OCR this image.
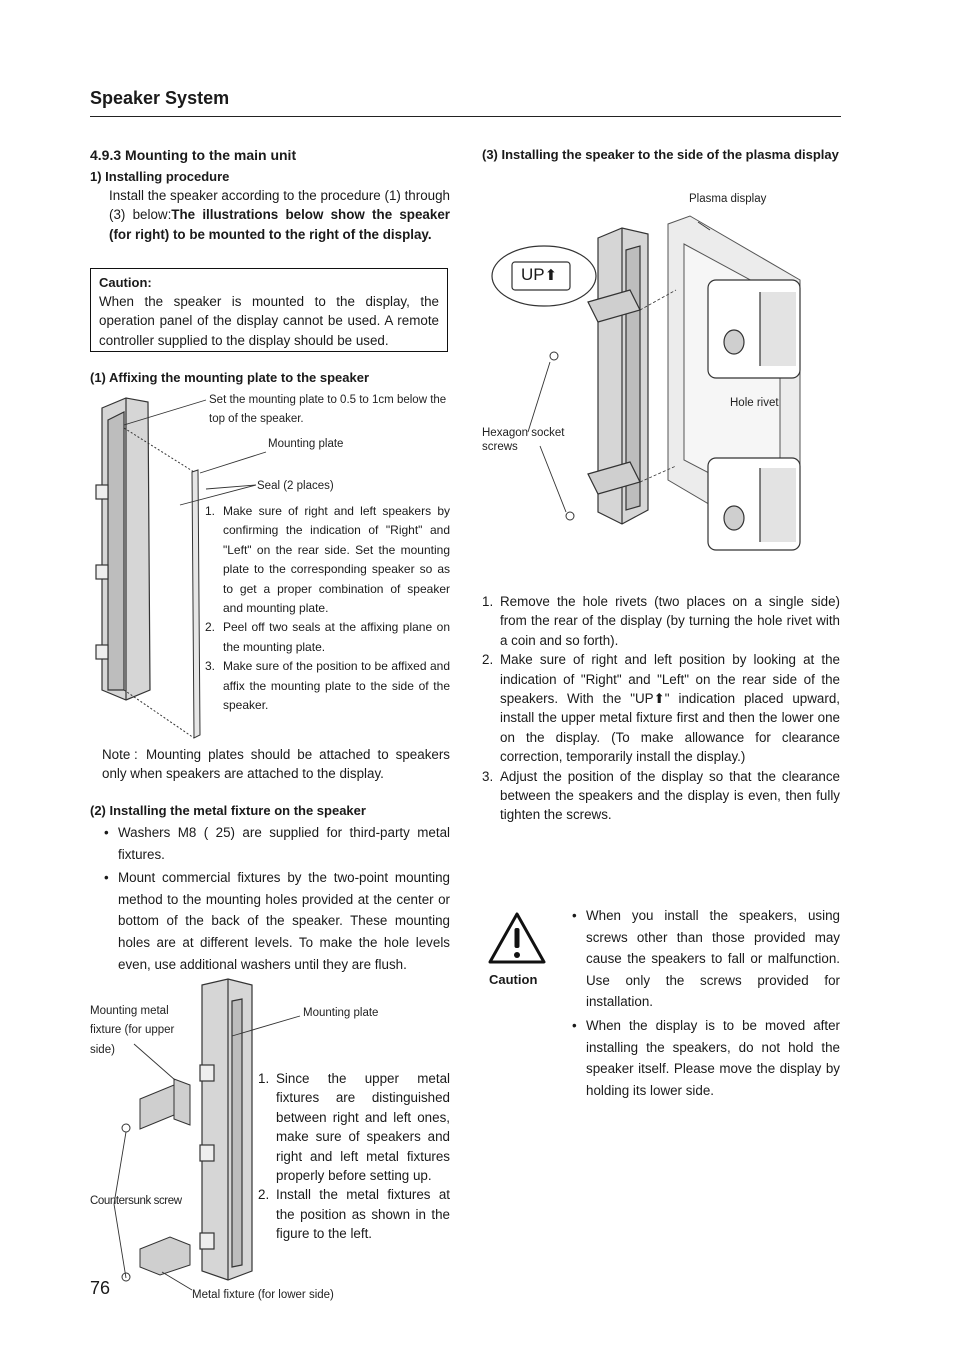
Speaker System
4.9.3 Mounting to the main unit
1) Installing procedure
Install the speaker according to the procedure (1) through (3) below:The illustrations below show the speaker (for right) to be mounted to the right of the display.
Caution:
When the speaker is mounted to the display, the operation panel of the display cannot be used. A remote controller supplied to the display should be used.
(1) Affixing the mounting plate to the speaker
Set the mounting plate to 0.5 to 1cm below the top of the speaker.
Mounting plate
Seal (2 places)
1. Make sure of right and left speakers by confirming the indication of "Right" and "Left" on the rear side. Set the mounting plate to the corresponding speaker so as to get a proper combination of speaker and mounting plate.
2. Peel off two seals at the affixing plane on the mounting plate.
3. Make sure of the position to be affixed and affix the mounting plate to the side of the speaker.
Note : Mounting plates should be attached to speakers only when speakers are attached to the display.
(2) Installing the metal fixture on the speaker
• Washers M8 ( 25) are supplied for third-party metal fixtures.
• Mount commercial fixtures by the two-point mounting method to the mounting holes provided at the center or bottom of the back of the speaker. These mounting holes are at different levels. To make the hole levels even, use additional washers until they are flush.
Mounting metal fixture (for upper side)
Mounting plate
Countersunk screw
Metal fixture (for lower side)
1. Since the upper metal fixtures are distinguished between right and left ones, make sure of speakers and right and left metal fixtures properly before setting up.
2. Install the metal fixtures at the position as shown in the figure to the left.
76
(3) Installing the speaker to the side of the plasma display
Plasma display
UP⬆
Hole rivet
Hexagon socket screws
1. Remove the hole rivets (two places on a single side) from the rear of the display (by turning the hole rivet with a coin and so forth).
2. Make sure of right and left position by looking at the indication of "Right" and "Left" on the rear side of the speakers. With the "UP⬆" indication placed upward, install the upper metal fixture first and then the lower one on the display. (To make allowance for clearance correction, temporarily install the display.)
3. Adjust the position of the display so that the clearance between the speakers and the display is even, then fully tighten the screws.
Caution
• When you install the speakers, using screws other than those provided may cause the speakers to fall or malfunction. Use only the screws provided for installation.
• When the display is to be moved after installing the speakers, do not hold the speaker itself. Please move the display by holding its lower side.
